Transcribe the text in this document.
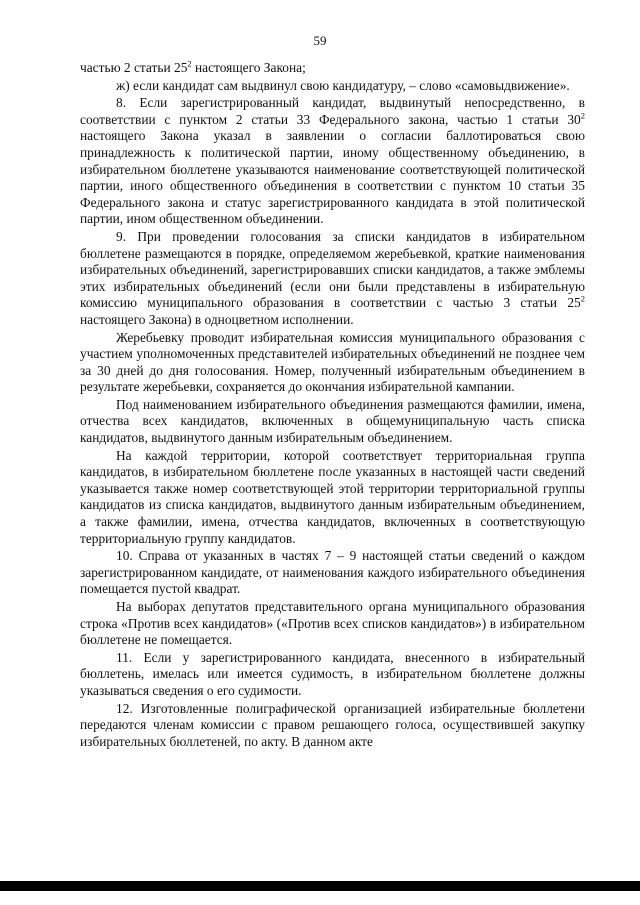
59

частью 2 статьи $25^2$ настоящего Закона;

ж) если кандидат сам выдвинул свою кандидатуру, – слово «самовыдвижение».

8. Если зарегистрированный кандидат, выдвинутый непосредственно, в соответствии с пунктом 2 статьи 33 Федерального закона, частью 1 статьи $30^2$ настоящего Закона указал в заявлении о согласии баллотироваться свою принадлежность к политической партии, иному общественному объединению, в избирательном бюллетене указываются наименование соответствующей политической партии, иного общественного объединения в соответствии с пунктом 10 статьи 35 Федерального закона и статус зарегистрированного кандидата в этой политической партии, ином общественном объединении.

9. При проведении голосования за списки кандидатов в избирательном бюллетене размещаются в порядке, определяемом жеребьевкой, краткие наименования избирательных объединений, зарегистрировавших списки кандидатов, а также эмблемы этих избирательных объединений (если они были представлены в избирательную комиссию муниципального образования в соответствии с частью 3 статьи $25^2$ настоящего Закона) в одноцветном исполнении.

Жеребьевку проводит избирательная комиссия муниципального образования с участием уполномоченных представителей избирательных объединений не позднее чем за 30 дней до дня голосования. Номер, полученный избирательным объединением в результате жеребьевки, сохраняется до окончания избирательной кампании.

Под наименованием избирательного объединения размещаются фамилии, имена, отчества всех кандидатов, включенных в общемуниципальную часть списка кандидатов, выдвинутого данным избирательным объединением.

На каждой территории, которой соответствует территориальная группа кандидатов, в избирательном бюллетене после указанных в настоящей части сведений указывается также номер соответствующей этой территории территориальной группы кандидатов из списка кандидатов, выдвинутого данным избирательным объединением, а также фамилии, имена, отчества кандидатов, включенных в соответствующую территориальную группу кандидатов.

10. Справа от указанных в частях 7 – 9 настоящей статьи сведений о каждом зарегистрированном кандидате, от наименования каждого избирательного объединения помещается пустой квадрат.

На выборах депутатов представительного органа муниципального образования строка «Против всех кандидатов» («Против всех списков кандидатов») в избирательном бюллетене не помещается.

11. Если у зарегистрированного кандидата, внесенного в избирательный бюллетень, имелась или имеется судимость, в избирательном бюллетене должны указываться сведения о его судимости.

12. Изготовленные полиграфической организацией избирательные бюллетени передаются членам комиссии с правом решающего голоса, осуществившей закупку избирательных бюллетеней, по акту. В данном акте
